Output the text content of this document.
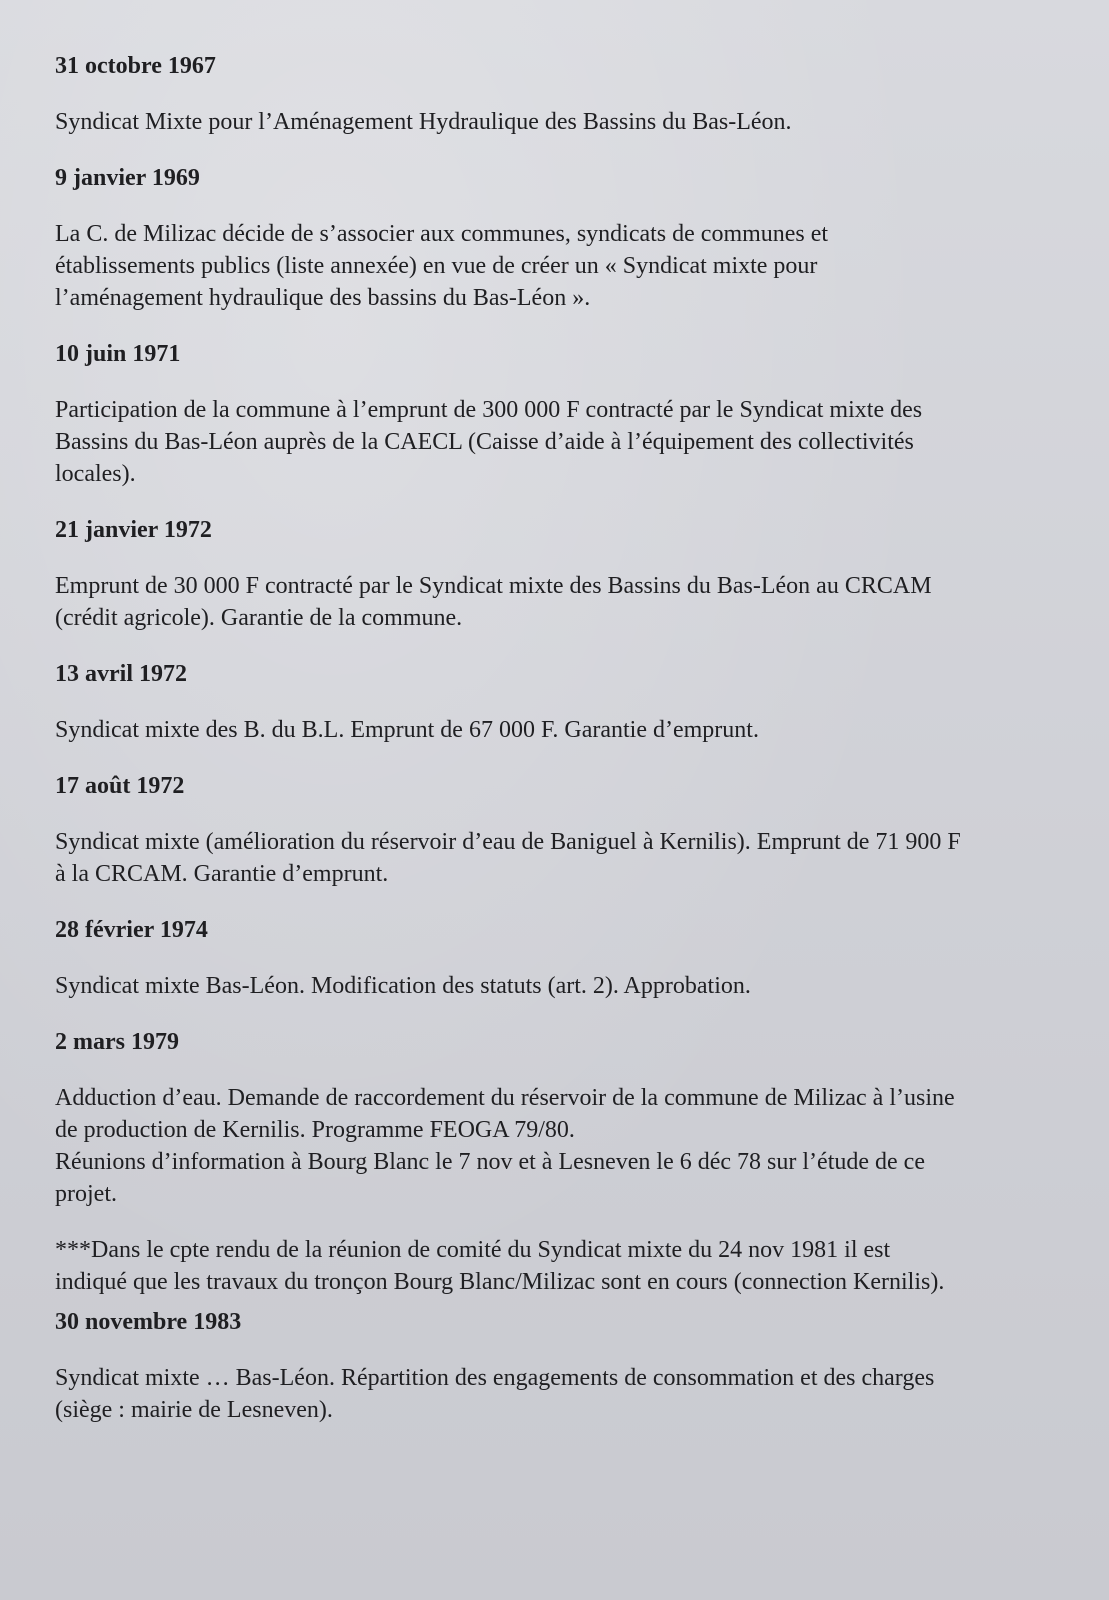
31 octobre 1967

Syndicat Mixte pour l’Aménagement Hydraulique des Bassins du Bas-Léon.

9 janvier 1969

La C. de Milizac décide de s’associer aux communes, syndicats de communes et
établissements publics (liste annexée) en vue de créer un « Syndicat mixte pour
l’aménagement hydraulique des bassins du Bas-Léon ».

10 juin 1971

Participation de la commune à l’emprunt de 300 000 F contracté par le Syndicat mixte des
Bassins du Bas-Léon auprès de la CAECL (Caisse d’aide à l’équipement des collectivités
locales).

21 janvier 1972

Emprunt de 30 000 F contracté par le Syndicat mixte des Bassins du Bas-Léon au CRCAM
(crédit agricole). Garantie de la commune.

13 avril 1972

Syndicat mixte des B. du B.L. Emprunt de 67 000 F. Garantie d’emprunt.

17 août 1972

Syndicat mixte (amélioration du réservoir d’eau de Baniguel à Kernilis). Emprunt de 71 900 F
à la CRCAM. Garantie d’emprunt.

28 février 1974

Syndicat mixte Bas-Léon. Modification des statuts (art. 2). Approbation.

2 mars 1979

Adduction d’eau. Demande de raccordement du réservoir de la commune de Milizac à l’usine
de production de Kernilis. Programme FEOGA 79/80.
Réunions d’information à Bourg Blanc le 7 nov et à Lesneven le 6 déc 78 sur l’étude de ce
projet.

***Dans le cpte rendu de la réunion de comité du Syndicat mixte du 24 nov 1981 il est
indiqué que les travaux du tronçon Bourg Blanc/Milizac sont en cours (connection Kernilis).

30 novembre 1983

Syndicat mixte … Bas-Léon. Répartition des engagements de consommation et des charges
(siège : mairie de Lesneven).
